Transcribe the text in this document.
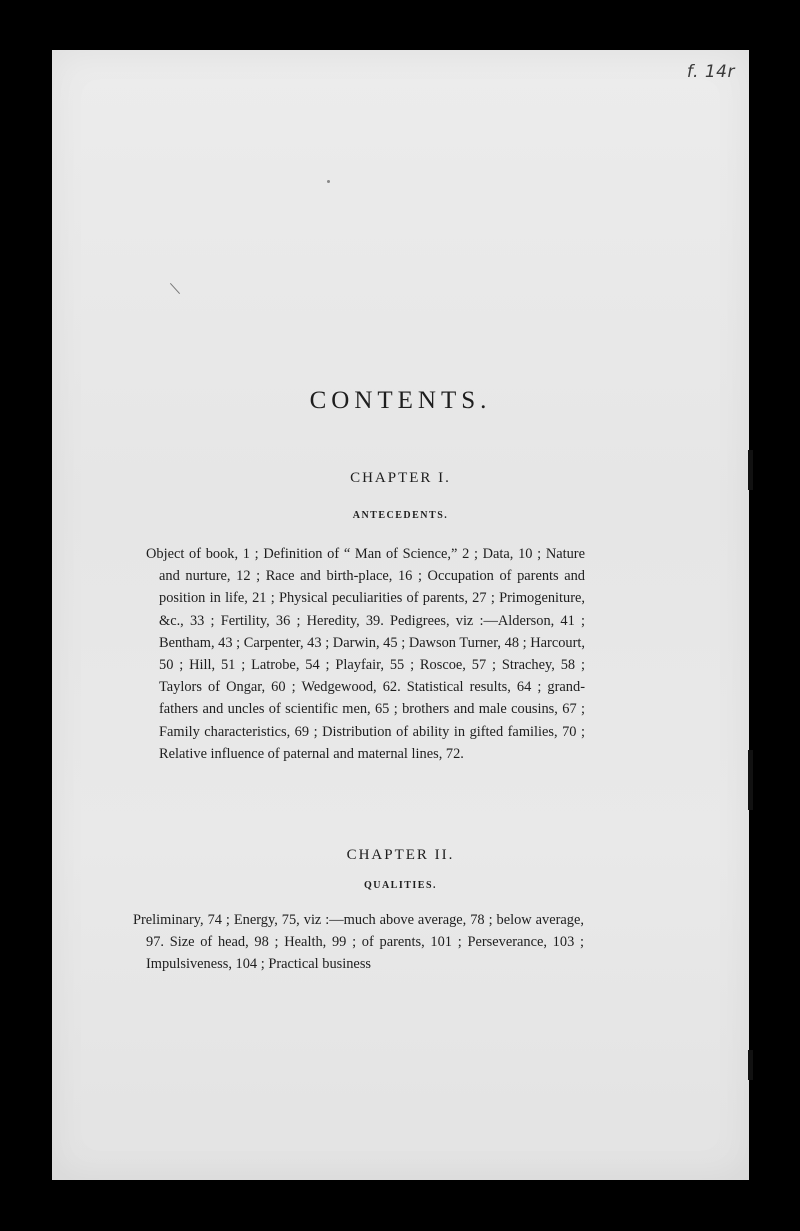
f. 14r
CONTENTS.
CHAPTER I.
ANTECEDENTS.

Object of book, 1 ; Definition of “ Man of Science,” 2 ; Data, 10 ; Nature and nurture, 12 ; Race and birth-place, 16 ; Occupation of parents and position in life, 21 ; Physical peculiarities of parents, 27 ; Primogeniture, &c., 33 ; Fertility, 36 ; Heredity, 39. Pedigrees, viz :—Alderson, 41 ; Bentham, 43 ; Carpenter, 43 ; Darwin, 45 ; Dawson Turner, 48 ; Harcourt, 50 ; Hill, 51 ; Latrobe, 54 ; Playfair, 55 ; Roscoe, 57 ; Strachey, 58 ; Taylors of Ongar, 60 ; Wedgewood, 62. Statistical results, 64 ; grand-fathers and uncles of scientific men, 65 ; brothers and male cousins, 67 ; Family characteristics, 69 ; Distribution of ability in gifted families, 70 ; Relative influence of paternal and maternal lines, 72.

CHAPTER II.
QUALITIES.

Preliminary, 74 ; Energy, 75, viz :—much above average, 78 ; below average, 97. Size of head, 98 ; Health, 99 ; of parents, 101 ; Perseverance, 103 ; Impulsiveness, 104 ; Practical business
